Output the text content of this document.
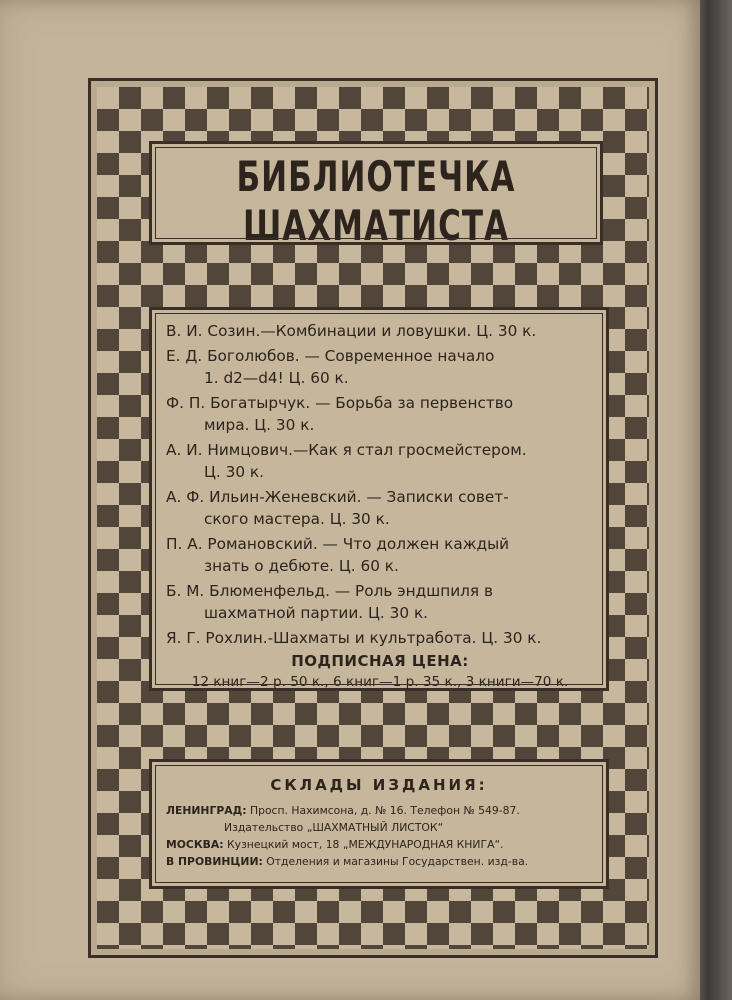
БИБЛИОТЕЧКА ШАХМАТИСТА
В. И. Созин.—Комбинации и ловушки. Ц. 30 к.
Е. Д. Боголюбов. — Современное начало
1. d2—d4! Ц. 60 к.
Ф. П. Богатырчук. — Борьба за первенство
мира. Ц. 30 к.
А. И. Нимцович.—Как я стал гросмейстером.
Ц. 30 к.
А. Ф. Ильин-Женевский. — Записки совет-
ского мастера. Ц. 30 к.
П. А. Романовский. — Что должен каждый
знать о дебюте. Ц. 60 к.
Б. М. Блюменфельд. — Роль эндшпиля в
шахматной партии. Ц. 30 к.
Я. Г. Рохлин.-Шахматы и культработа. Ц. 30 к.
ПОДПИСНАЯ ЦЕНА:
12 книг—2 р. 50 к., 6 книг—1 р. 35 к., 3 книги—70 к.
СКЛАДЫ ИЗДАНИЯ:
ЛЕНИНГРАД: Просп. Нахимсона, д. № 16. Телефон № 549-87.
Издательство „ШАХМАТНЫЙ ЛИСТОК“
МОСКВА: Кузнецкий мост, 18 „МЕЖДУНАРОДНАЯ КНИГА“.
В ПРОВИНЦИИ: Отделения и магазины Государствен. изд-ва.
